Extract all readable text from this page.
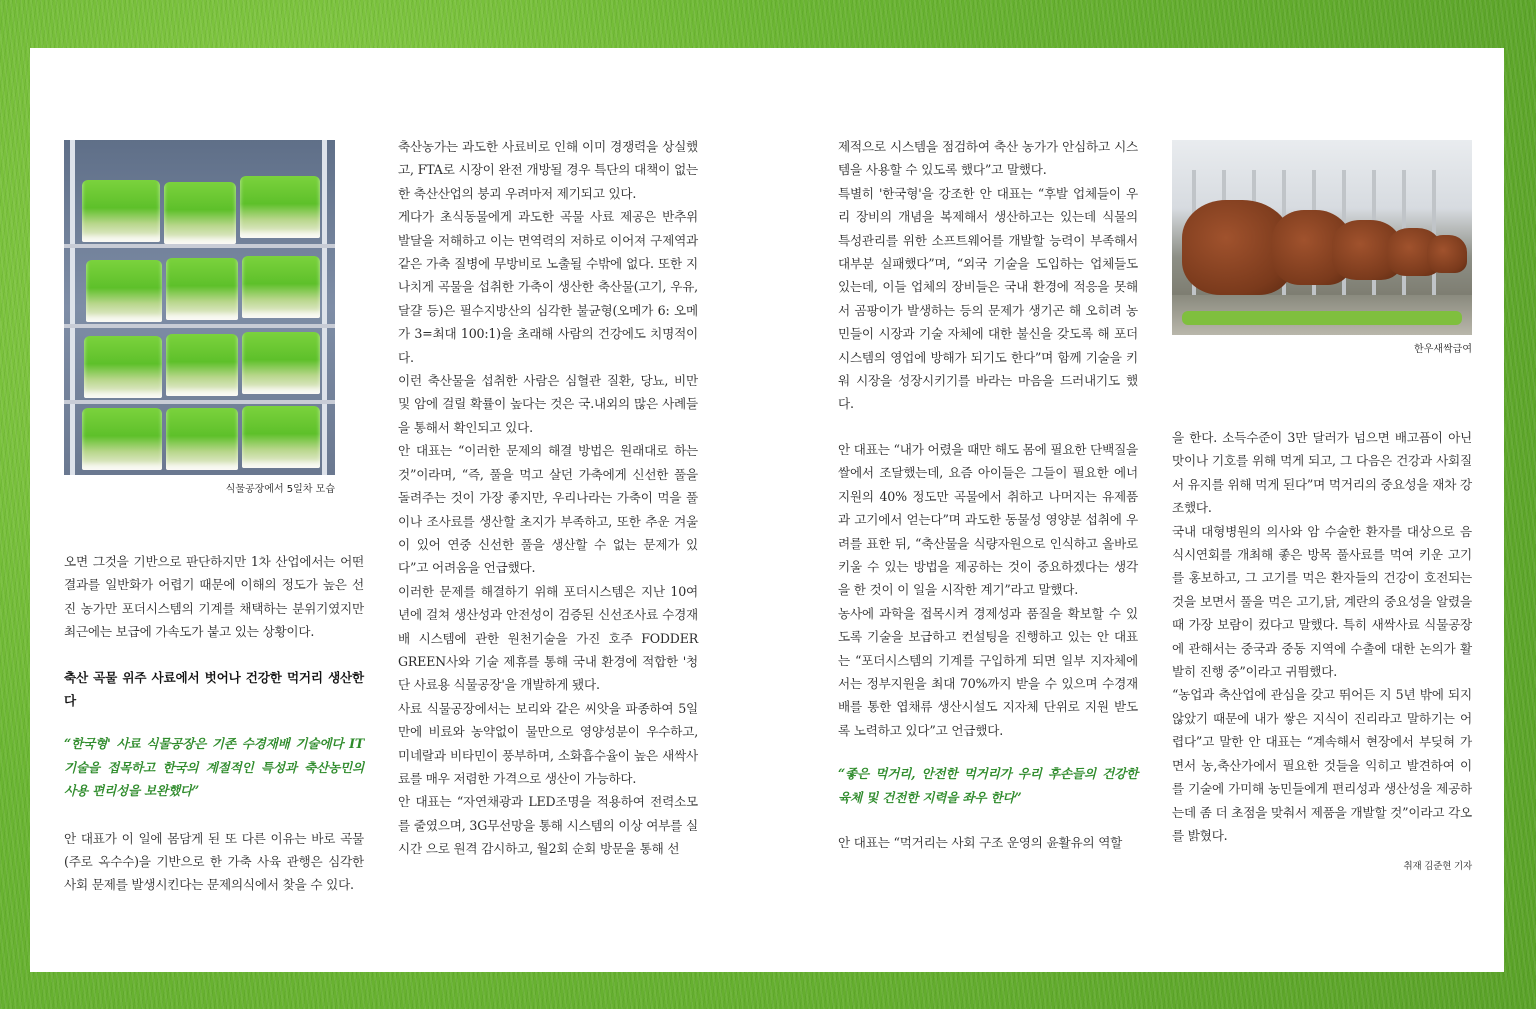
식물공장에서 5일차 모습

오면 그것을 기반으로 판단하지만 1차 산업에서는 어떤 결과를 일반화가 어렵기 때문에 이해의 정도가 높은 선진 농가만 포더시스템의 기계를 채택하는 분위기였지만 최근에는 보급에 가속도가 붙고 있는 상황이다.

축산 곡물 위주 사료에서 벗어나 건강한 먹거리 생산한다

“한국형' 사료 식물공장은 기존 수경재배 기술에다 IT기술을 접목하고 한국의 계절적인 특성과 축산농민의 사용 편리성을 보완했다”

안 대표가 이 일에 몸담게 된 또 다른 이유는 바로 곡물(주로 옥수수)을 기반으로 한 가축 사육 관행은 심각한 사회 문제를 발생시킨다는 문제의식에서 찾을 수 있다.

축산농가는 과도한 사료비로 인해 이미 경쟁력을 상실했고, FTA로 시장이 완전 개방될 경우 특단의 대책이 없는 한 축산산업의 붕괴 우려마저 제기되고 있다.

게다가 초식동물에게 과도한 곡물 사료 제공은 반추위 발달을 저해하고 이는 면역력의 저하로 이어져 구제역과 같은 가축 질병에 무방비로 노출될 수밖에 없다. 또한 지나치게 곡물을 섭취한 가축이 생산한 축산물(고기, 우유, 달걀 등)은 필수지방산의 심각한 불균형(오메가 6: 오메가 3=최대 100:1)을 초래해 사람의 건강에도 치명적이다.

이런 축산물을 섭취한 사람은 심혈관 질환, 당뇨, 비만 및 암에 걸릴 확률이 높다는 것은 국.내외의 많은 사례들을 통해서 확인되고 있다.

안 대표는 “이러한 문제의 해결 방법은 원래대로 하는 것”이라며, “즉, 풀을 먹고 살던 가축에게 신선한 풀을 돌려주는 것이 가장 좋지만, 우리나라는 가축이 먹을 풀이나 조사료를 생산할 초지가 부족하고, 또한 추운 겨울이 있어 연중 신선한 풀을 생산할 수 없는 문제가 있다”고 어려움을 언급했다.

이러한 문제를 해결하기 위해 포더시스템은 지난 10여년에 걸쳐 생산성과 안전성이 검증된 신선조사료 수경재배 시스템에 관한 원천기술을 가진 호주 FODDER GREEN사와 기술 제휴를 통해 국내 환경에 적합한 '청단 사료용 식물공장'을 개발하게 됐다.

사료 식물공장에서는 보리와 같은 씨앗을 파종하여 5일만에 비료와 농약없이 물만으로 영양성분이 우수하고, 미네랄과 비타민이 풍부하며, 소화흡수율이 높은 새싹사료를 매우 저렴한 가격으로 생산이 가능하다.

안 대표는 “자연채광과 LED조명을 적용하여 전력소모를 줄였으며, 3G무선망을 통해 시스템의 이상 여부를 실시간 으로 원격 감시하고, 월2회 순회 방문을 통해 선

제적으로 시스템을 점검하여 축산 농가가 안심하고 시스템을 사용할 수 있도록 했다”고 말했다.

특별히 '한국형'을 강조한 안 대표는 “후발 업체들이 우리 장비의 개념을 복제해서 생산하고는 있는데 식물의 특성관리를 위한 소프트웨어를 개발할 능력이 부족해서 대부분 실패했다”며, “외국 기술을 도입하는 업체들도 있는데, 이들 업체의 장비들은 국내 환경에 적응을 못해서 곰팡이가 발생하는 등의 문제가 생기곤 해 오히려 농민들이 시장과 기술 자체에 대한 불신을 갖도록 해 포더시스템의 영업에 방해가 되기도 한다”며 함께 기술을 키워 시장을 성장시키기를 바라는 마음을 드러내기도 했다.

안 대표는 “내가 어렸을 때만 해도 몸에 필요한 단백질을 쌀에서 조달했는데, 요즘 아이들은 그들이 필요한 에너지원의 40% 정도만 곡물에서 취하고 나머지는 유제품과 고기에서 얻는다”며 과도한 동물성 영양분 섭취에 우려를 표한 뒤, “축산물을 식량자원으로 인식하고 올바로 키울 수 있는 방법을 제공하는 것이 중요하겠다는 생각을 한 것이 이 일을 시작한 계기”라고 말했다.

농사에 과학을 접목시켜 경제성과 품질을 확보할 수 있도록 기술을 보급하고 컨설팅을 진행하고 있는 안 대표는 “포더시스템의 기계를 구입하게 되면 일부 지자체에서는 정부지원을 최대 70%까지 받을 수 있으며 수경재배를 통한 엽채류 생산시설도 지자체 단위로 지원 받도록 노력하고 있다”고 언급했다.

“좋은 먹거리, 안전한 먹거리가 우리 후손들의 건강한 육체 및 건전한 지력을 좌우 한다”

안 대표는 “먹거리는 사회 구조 운영의 윤활유의 역할

한우새싹급여

을 한다. 소득수준이 3만 달러가 넘으면 배고픔이 아닌 맛이나 기호를 위해 먹게 되고, 그 다음은 건강과 사회질서 유지를 위해 먹게 된다”며 먹거리의 중요성을 재차 강조했다.

국내 대형병원의 의사와 암 수술한 환자를 대상으로 음식시연회를 개최해 좋은 방목 풀사료를 먹여 키운 고기를 홍보하고, 그 고기를 먹은 환자들의 건강이 호전되는 것을 보면서 풀을 먹은 고기,닭, 계란의 중요성을 알렸을 때 가장 보람이 컸다고 말했다. 특히 새싹사료 식물공장에 관해서는 중국과 중동 지역에 수출에 대한 논의가 활발히 진행 중”이라고 귀띔했다.

“농업과 축산업에 관심을 갖고 뛰어든 지 5년 밖에 되지 않았기 때문에 내가 쌓은 지식이 진리라고 말하기는 어렵다”고 말한 안 대표는 “계속해서 현장에서 부딪혀 가면서 농,축산가에서 필요한 것들을 익히고 발견하여 이를 기술에 가미해 농민들에게 편리성과 생산성을 제공하는데 좀 더 초점을 맞춰서 제품을 개발할 것”이라고 각오를 밝혔다.

취재 김준현 기자
